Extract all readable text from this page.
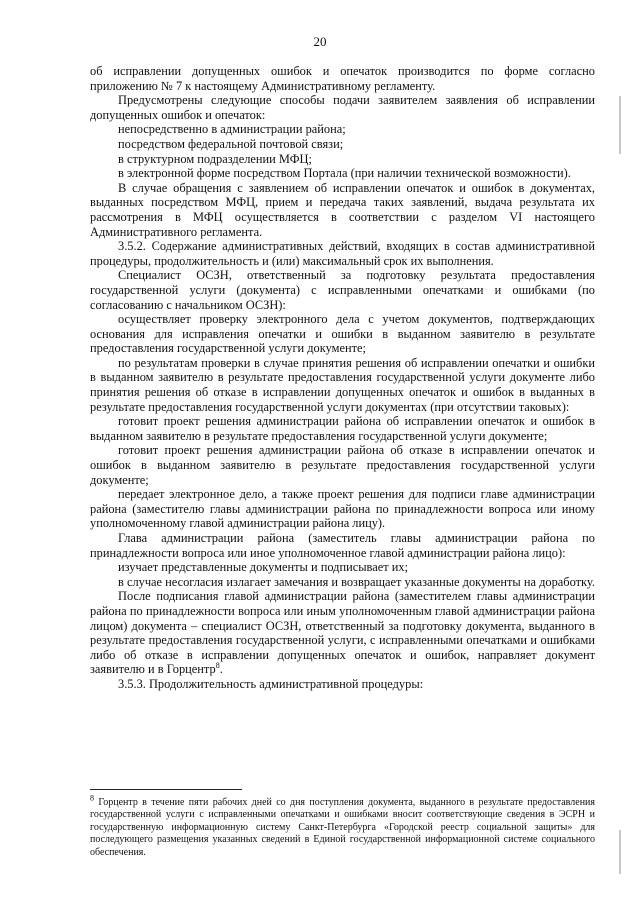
20

об исправлении допущенных ошибок и опечаток производится по форме согласно приложению № 7 к настоящему Административному регламенту.

Предусмотрены следующие способы подачи заявителем заявления об исправлении допущенных ошибок и опечаток:

непосредственно в администрации района;

посредством федеральной почтовой связи;

в структурном подразделении МФЦ;

в электронной форме посредством Портала (при наличии технической возможности).

В случае обращения с заявлением об исправлении опечаток и ошибок в документах, выданных посредством МФЦ, прием и передача таких заявлений, выдача результата их рассмотрения в МФЦ осуществляется в соответствии с разделом VI настоящего Административного регламента.

3.5.2. Содержание административных действий, входящих в состав административной процедуры, продолжительность и (или) максимальный срок их выполнения.

Специалист ОСЗН, ответственный за подготовку результата предоставления государственной услуги (документа) с исправленными опечатками и ошибками (по согласованию с начальником ОСЗН):

осуществляет проверку электронного дела с учетом документов, подтверждающих основания для исправления опечатки и ошибки в выданном заявителю в результате предоставления государственной услуги документе;

по результатам проверки в случае принятия решения об исправлении опечатки и ошибки в выданном заявителю в результате предоставления государственной услуги документе либо принятия решения об отказе в исправлении допущенных опечаток и ошибок в выданных в результате предоставления государственной услуги документах (при отсутствии таковых):

готовит проект решения администрации района об исправлении опечаток и ошибок в выданном заявителю в результате предоставления государственной услуги документе;

готовит проект решения администрации района об отказе в исправлении опечаток и ошибок в выданном заявителю в результате предоставления государственной услуги документе;

передает электронное дело, а также проект решения для подписи главе администрации района (заместителю главы администрации района по принадлежности вопроса или иному уполномоченному главой администрации района лицу).

Глава администрации района (заместитель главы администрации района по принадлежности вопроса или иное уполномоченное главой администрации района лицо):

изучает представленные документы и подписывает их;

в случае несогласия излагает замечания и возвращает указанные документы на доработку.

После подписания главой администрации района (заместителем главы администрации района по принадлежности вопроса или иным уполномоченным главой администрации района лицом) документа – специалист ОСЗН, ответственный за подготовку документа, выданного в результате предоставления государственной услуги, с исправленными опечатками и ошибками либо об отказе в исправлении допущенных опечаток и ошибок, направляет документ заявителю и в Горцентр$^8$.

3.5.3. Продолжительность административной процедуры:

$^8$ Горцентр в течение пяти рабочих дней со дня поступления документа, выданного в результате предоставления государственной услуги с исправленными опечатками и ошибками вносит соответствующие сведения в ЭСРН и государственную информационную систему Санкт-Петербурга «Городской реестр социальной защиты» для последующего размещения указанных сведений в Единой государственной информационной системе социального обеспечения.
